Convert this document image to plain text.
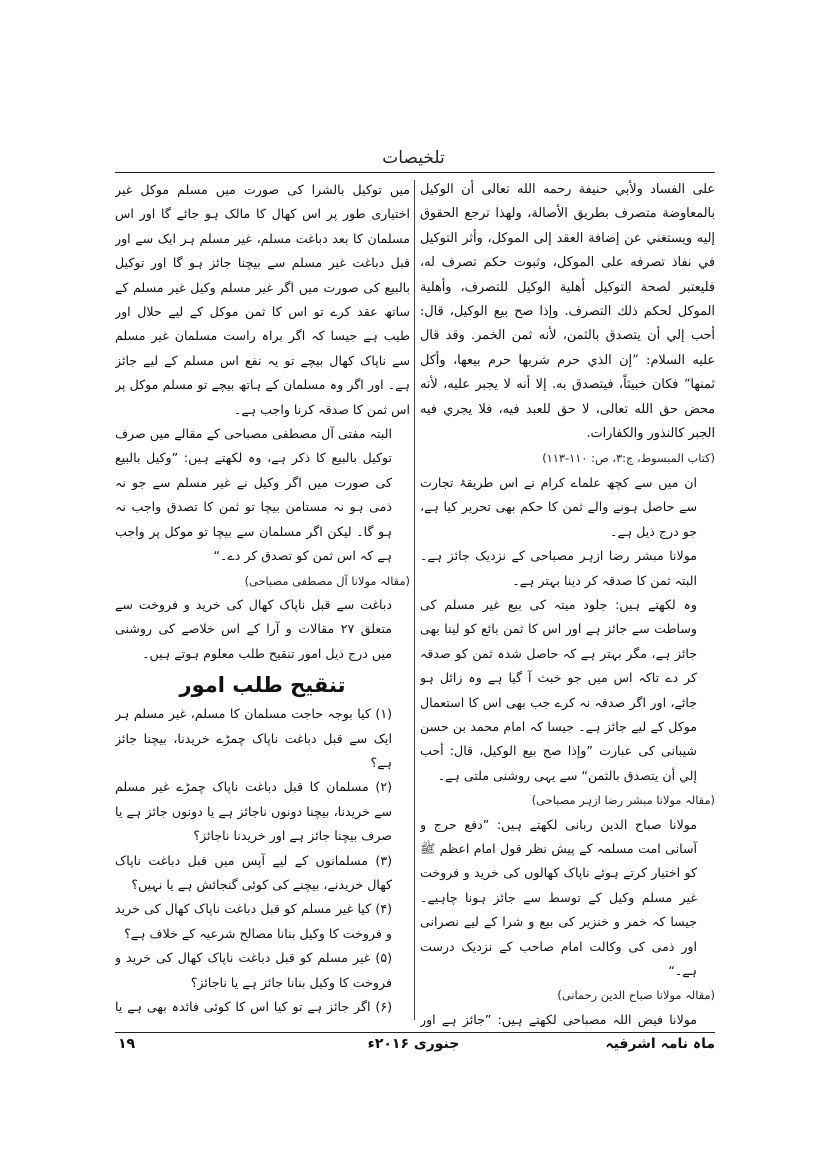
تلخیصات

على الفساد ولأبي حنيفة رحمه الله تعالى أن الوكيل بالمعاوضة متصرف بطريق الأصالة، ولهذا ترجع الحقوق إليه ويستغني عن إضافة العقد إلى الموكل، وأثر التوكيل في نفاذ تصرفه على الموكل، وثبوت حكم تصرف له، فليعتبر لصحة التوكيل أهلية الوكيل للتصرف، وأهلية الموكل لحكم ذلك التصرف. وإذا صح بيع الوكيل، قال: أحب إلي أن يتصدق بالثمن، لأنه ثمن الخمر. وقد قال عليه السلام: ”إن الذي حرم شربها حرم بيعها، وأكل ثمنها“ فكان خبيثاً، فيتصدق به. إلا أنه لا يجبر عليه، لأنه محض حق الله تعالى، لا حق للعبد فيه، فلا يجري فيه الجبر كالنذور والكفارات.

(کتاب المبسوط، ج:۳، ص: ۱۱۰-۱۱۳)

ان میں سے کچھ علماے کرام نے اس طریقۂ تجارت سے حاصل ہونے والے ثمن کا حکم بھی تحریر کیا ہے، جو درج ذیل ہے۔

مولانا مبشر رضا ازہر مصباحی کے نزدیک جائز ہے۔ البتہ ثمن کا صدقہ کر دینا بہتر ہے۔

وہ لکھتے ہیں: جلود میتہ کی بیع غیر مسلم کی وساطت سے جائز ہے اور اس کا ثمن بائع کو لینا بھی جائز ہے، مگر بہتر ہے کہ حاصل شدہ ثمن کو صدقہ کر دے تاکہ اس میں جو خبث آ گیا ہے وہ زائل ہو جائے، اور اگر صدقہ نہ کرے جب بھی اس کا استعمال موکل کے لیے جائز ہے۔ جیسا کہ امام محمد بن حسن شیبانی کی عبارت ”وإذا صح بيع الوكيل، قال: أحب إلي أن يتصدق بالثمن“ سے یہی روشنی ملتی ہے۔

(مقالہ مولانا مبشر رضا ازہر مصباحی)

مولانا صباح الدین ربانی لکھتے ہیں: ”دفع حرج و آسانی امت مسلمہ کے پیش نظر قول امام اعظم ﷺ کو اختیار کرتے ہوئے ناپاک کھالوں کی خرید و فروخت غیر مسلم وکیل کے توسط سے جائز ہونا چاہیے۔ جیسا کہ خمر و خنزیر کی بیع و شرا کے لیے نصرانی اور ذمی کی وکالت امام صاحب کے نزدیک درست ہے۔“

(مقالہ مولانا صباح الدین رحمانی)

مولانا فیض اللہ مصباحی لکھتے ہیں: ”جائز ہے اور

میں توکیل بالشرا کی صورت میں مسلم موکل غیر اختیاری طور پر اس کھال کا مالک ہو جائے گا اور اس مسلمان کا بعد دباغت مسلم، غیر مسلم ہر ایک سے اور قبل دباغت غیر مسلم سے بیچنا جائز ہو گا اور توکیل بالبیع کی صورت میں اگر غیر مسلم وکیل غیر مسلم کے ساتھ عقد کرے تو اس کا ثمن موکل کے لیے حلال اور طیب ہے جیسا کہ اگر براہ راست مسلمان غیر مسلم سے ناپاک کھال بیچے تو یہ نفع اس مسلم کے لیے جائز ہے۔ اور اگر وہ مسلمان کے ہاتھ بیچے تو مسلم موکل پر اس ثمن کا صدقہ کرنا واجب ہے۔

البتہ مفتی آل مصطفی مصباحی کے مقالے میں صرف توکیل بالبیع کا ذکر ہے، وہ لکھتے ہیں: ”وکیل بالبیع کی صورت میں اگر وکیل نے غیر مسلم سے جو نہ ذمی ہو نہ مستامن بیچا تو ثمن کا تصدق واجب نہ ہو گا۔ لیکن اگر مسلمان سے بیچا تو موکل پر واجب ہے کہ اس ثمن کو تصدق کر دے۔“

(مقالہ مولانا آل مصطفی مصباحی)

دباغت سے قبل ناپاک کھال کی خرید و فروخت سے متعلق ۲۷ مقالات و آرا کے اس خلاصے کی روشنی میں درج ذیل امور تنقیح طلب معلوم ہوتے ہیں۔

تنقیح طلب امور

(۱) کیا بوجہ حاجت مسلمان کا مسلم، غیر مسلم ہر ایک سے قبل دباغت ناپاک چمڑے خریدنا، بیچنا جائز ہے؟

(۲) مسلمان کا قبل دباغت ناپاک چمڑے غیر مسلم سے خریدنا، بیچنا دونوں ناجائز ہے یا دونوں جائز ہے یا صرف بیچنا جائز ہے اور خریدنا ناجائز؟

(۳) مسلمانوں کے لیے آپس میں قبل دباغت ناپاک کھال خریدنے، بیچنے کی کوئی گنجائش ہے یا نہیں؟

(۴) کیا غیر مسلم کو قبل دباغت ناپاک کھال کی خرید و فروخت کا وکیل بنانا مصالح شرعیہ کے خلاف ہے؟

(۵) غیر مسلم کو قبل دباغت ناپاک کھال کی خرید و فروخت کا وکیل بنانا جائز ہے یا ناجائز؟

(۶) اگر جائز ہے تو کیا اس کا کوئی فائدہ بھی ہے یا

ماہ نامہ اشرفیہ
جنوری ۲۰۱۶ء
۱۹
